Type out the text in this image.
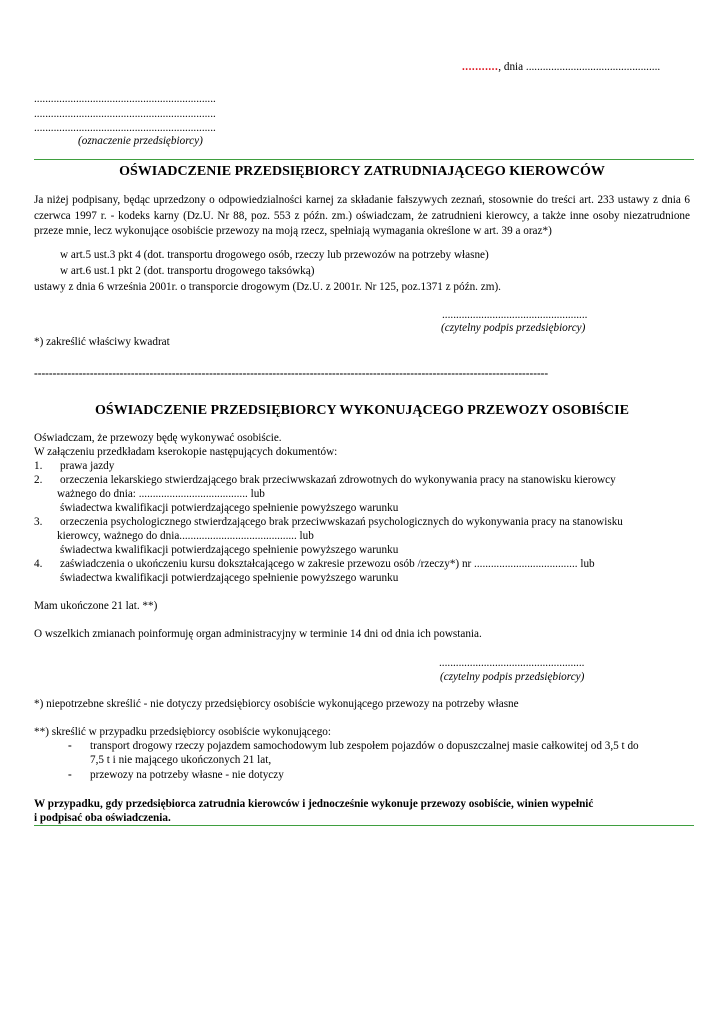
..........., dnia ................................................
.................................................................
.................................................................
.................................................................
(oznaczenie przedsiębiorcy)
OŚWIADCZENIE PRZEDSIĘBIORCY ZATRUDNIAJĄCEGO KIEROWCÓW
Ja niżej podpisany, będąc uprzedzony o odpowiedzialności karnej za składanie fałszywych zeznań, stosownie do treści art. 233 ustawy z dnia 6 czerwca 1997 r. - kodeks karny (Dz.U. Nr 88, poz. 553 z późn. zm.) oświadczam, że zatrudnieni kierowcy, a także inne osoby niezatrudnione przeze mnie, lecz wykonujące osobiście przewozy na moją rzecz, spełniają wymagania określone w art. 39 a oraz*)
w art.5 ust.3 pkt 4 (dot. transportu drogowego osób, rzeczy lub przewozów na potrzeby własne)
w art.6 ust.1 pkt 2 (dot. transportu drogowego taksówką)
ustawy z dnia 6 września 2001r. o transporcie drogowym (Dz.U. z 2001r. Nr 125, poz.1371 z późn. zm).
....................................................
(czytelny podpis przedsiębiorcy)
*) zakreślić właściwy kwadrat
------------------------------------------------------------------------------------------------------------------------------------------
OŚWIADCZENIE PRZEDSIĘBIORCY WYKONUJĄCEGO PRZEWOZY OSOBIŚCIE
Oświadczam, że przewozy będę wykonywać osobiście.
W załączeniu przedkładam kserokopie następujących dokumentów:
1. prawa jazdy
2. orzeczenia lekarskiego stwierdzającego brak przeciwwskazań zdrowotnych do wykonywania pracy na stanowisku kierowcy
ważnego do dnia: ....................................... lub
świadectwa kwalifikacji potwierdzającego spełnienie powyższego warunku
3. orzeczenia psychologicznego stwierdzającego brak przeciwwskazań psychologicznych do wykonywania pracy na stanowisku
kierowcy, ważnego do dnia.......................................... lub
świadectwa kwalifikacji potwierdzającego spełnienie powyższego warunku
4. zaświadczenia o ukończeniu kursu dokształcającego w zakresie przewozu osób /rzeczy*) nr ..................................... lub
świadectwa kwalifikacji potwierdzającego spełnienie powyższego warunku
Mam ukończone 21 lat. **)
O wszelkich zmianach poinformuję organ administracyjny w terminie 14 dni od dnia ich powstania.
....................................................
(czytelny podpis przedsiębiorcy)
*) niepotrzebne skreślić - nie dotyczy przedsiębiorcy osobiście wykonującego przewozy na potrzeby własne
**) skreślić w przypadku przedsiębiorcy osobiście wykonującego:
- transport drogowy rzeczy pojazdem samochodowym lub zespołem pojazdów o dopuszczalnej masie całkowitej od 3,5 t do
7,5 t i nie mającego ukończonych 21 lat,
- przewozy na potrzeby własne - nie dotyczy
W przypadku, gdy przedsiębiorca zatrudnia kierowców i jednocześnie wykonuje przewozy osobiście, winien wypełnić
i podpisać oba oświadczenia.
